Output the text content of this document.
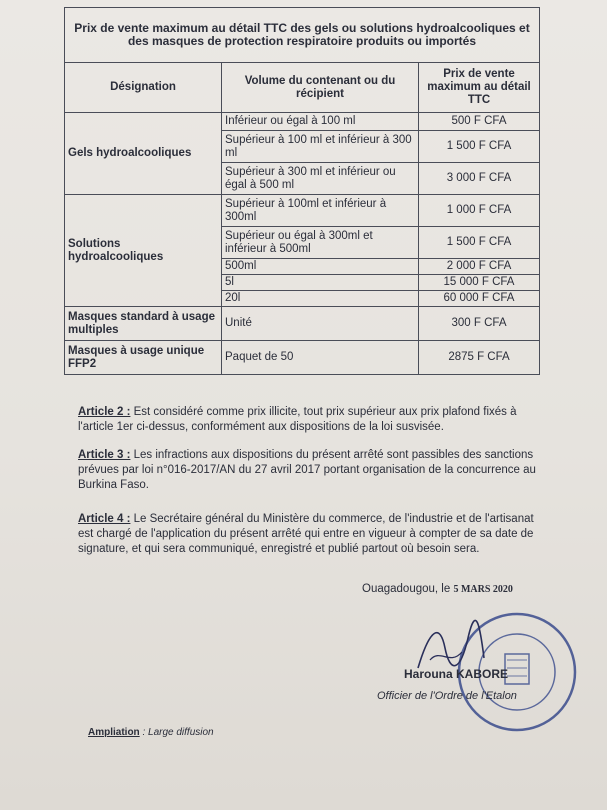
Prix de vente maximum au détail TTC des gels ou solutions hydroalcooliques et des masques de protection respiratoire produits ou importés		
Désignation	Volume du contenant ou du récipient	Prix de vente maximum au détail TTC
Gels hydroalcooliques	Inférieur ou égal à 100 ml	500 F CFA
	Supérieur à 100 ml et inférieur à 300 ml	1 500 F CFA
	Supérieur à 300 ml et inférieur ou égal à 500 ml	3 000 F CFA
Solutions hydroalcooliques	Supérieur à 100ml et inférieur à 300ml	1 000 F CFA
	Supérieur ou égal à 300ml et inférieur à 500ml	1 500 F CFA
	500ml	2 000 F CFA
	5l	15 000 F CFA
	20l	60 000 F CFA
Masques standard à usage multiples	Unité	300 F CFA
Masques à usage unique FFP2	Paquet de 50	2875 F CFA
Article 2 : Est considéré comme prix illicite, tout prix supérieur aux prix plafond fixés à l'article 1er ci-dessus, conformément aux dispositions de la loi susvisée.
Article 3 : Les infractions aux dispositions du présent arrêté sont passibles des sanctions prévues par loi n°016-2017/AN du 27 avril 2017 portant organisation de la concurrence au Burkina Faso.
Article 4 : Le Secrétaire général du Ministère du commerce, de l'industrie et de l'artisanat est chargé de l'application du présent arrêté qui entre en vigueur à compter de sa date de signature, et qui sera communiqué, enregistré et publié partout où besoin sera.
Ouagadougou, le 5 MARS 2020
Harouna KABORE
Officier de l'Ordre de l'Etalon
Ampliation : Large diffusion
